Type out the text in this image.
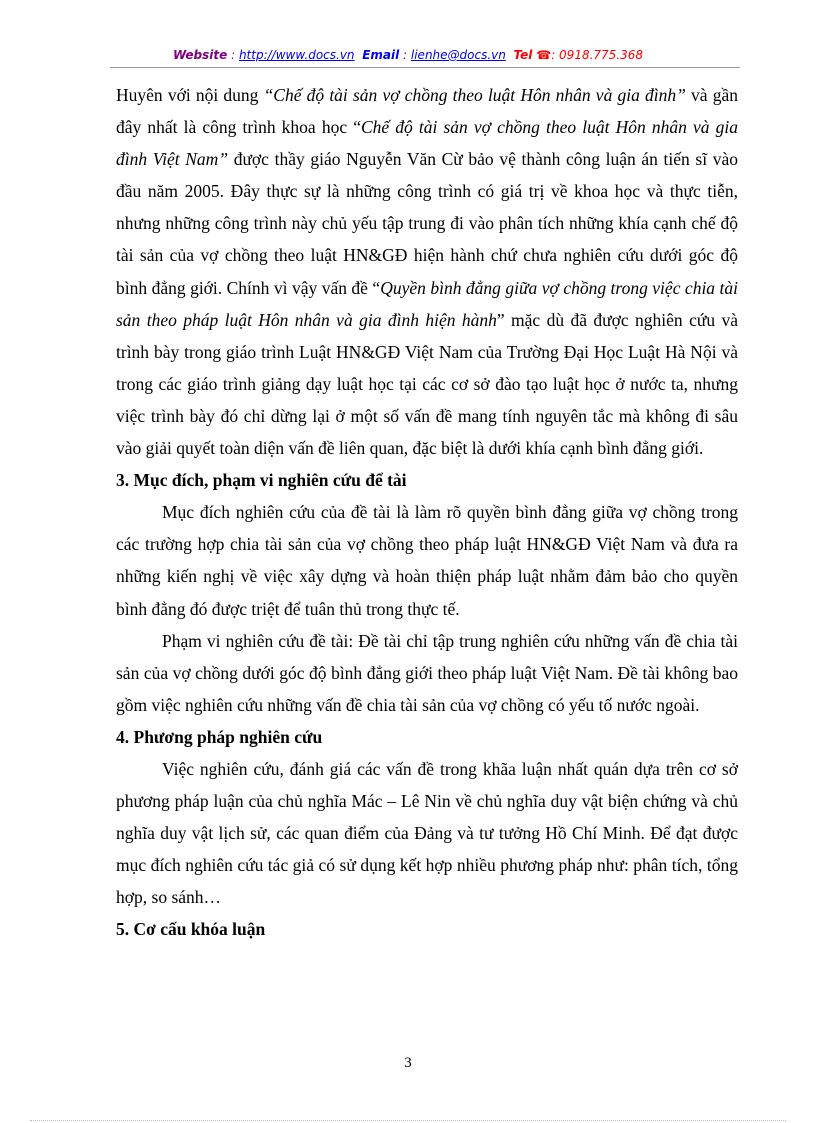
Website : http://www.docs.vn Email : lienhe@docs.vn Tel ☎: 0918.775.368

Huyên với nội dung “Chế độ tài sản vợ chồng theo luật Hôn nhân và gia đình” và gần đây nhất là công trình khoa học “Chế độ tài sản vợ chồng theo luật Hôn nhân và gia đình Việt Nam” được thầy giáo Nguyễn Văn Cừ bảo vệ thành công luận án tiến sĩ vào đầu năm 2005. Đây thực sự là những công trình có giá trị về khoa học và thực tiễn, nhưng những công trình này chủ yếu tập trung đi vào phân tích những khía cạnh chế độ tài sản của vợ chồng theo luật HN&GĐ hiện hành chứ chưa nghiên cứu dưới góc độ bình đẳng giới. Chính vì vậy vấn đề “Quyền bình đẳng giữa vợ chồng trong việc chia tài sản theo pháp luật Hôn nhân và gia đình hiện hành” mặc dù đã được nghiên cứu và trình bày trong giáo trình Luật HN&GĐ Việt Nam của Trường Đại Học Luật Hà Nội và trong các giáo trình giảng dạy luật học tại các cơ sở đào tạo luật học ở nước ta, nhưng việc trình bày đó chỉ dừng lại ở một số vấn đề mang tính nguyên tắc mà không đi sâu vào giải quyết toàn diện vấn đề liên quan, đặc biệt là dưới khía cạnh bình đẳng giới.

3. Mục đích, phạm vi nghiên cứu để tài

Mục đích nghiên cứu của đề tài là làm rõ quyền bình đẳng giữa vợ chồng trong các trường hợp chia tài sản của vợ chồng theo pháp luật HN&GĐ Việt Nam và đưa ra những kiến nghị về việc xây dựng và hoàn thiện pháp luật nhằm đảm bảo cho quyền bình đẳng đó được triệt để tuân thủ trong thực tế.

Phạm vi nghiên cứu đề tài: Đề tài chỉ tập trung nghiên cứu những vấn đề chia tài sản của vợ chồng dưới góc độ bình đẳng giới theo pháp luật Việt Nam. Đề tài không bao gồm việc nghiên cứu những vấn đề chia tài sản của vợ chồng có yếu tố nước ngoài.

4. Phương pháp nghiên cứu

Việc nghiên cứu, đánh giá các vấn đề trong khãa luận nhất quán dựa trên cơ sở phương pháp luận của chủ nghĩa Mác – Lê Nin về chủ nghĩa duy vật biện chứng và chủ nghĩa duy vật lịch sử, các quan điểm của Đảng và tư tưởng Hồ Chí Minh. Để đạt được mục đích nghiên cứu tác giả có sử dụng kết hợp nhiều phương pháp như: phân tích, tổng hợp, so sánh…

5. Cơ cấu khóa luận
3
